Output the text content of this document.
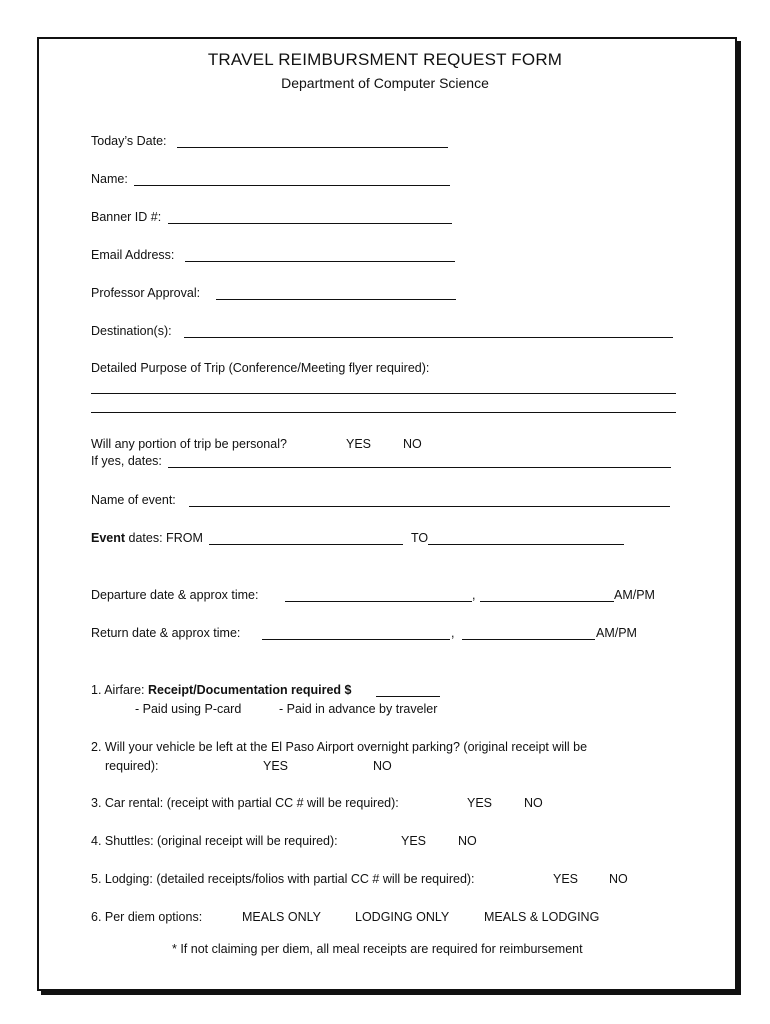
TRAVEL REIMBURSMENT REQUEST FORM
Department of Computer Science
Today’s Date:
Name:
Banner ID #:
Email Address:
Professor Approval:
Destination(s):
Detailed Purpose of Trip (Conference/Meeting flyer required):
Will any portion of trip be personal?	YES	NO
If yes, dates:
Name of event:
Event dates: FROM	TO
Departure date & approx time:	,	AM/PM
Return date & approx time:	,	AM/PM
1. Airfare: Receipt/Documentation required $
- Paid using P-card	- Paid in advance by traveler
2. Will your vehicle be left at the El Paso Airport overnight parking? (original receipt will be
required):	YES	NO
3. Car rental: (receipt with partial CC # will be required):	YES	NO
4. Shuttles: (original receipt will be required):	YES	NO
5. Lodging: (detailed receipts/folios with partial CC # will be required):	YES NO
6. Per diem options:	MEALS ONLY	LODGING ONLY	MEALS & LODGING
* If not claiming per diem, all meal receipts are required for reimbursement
